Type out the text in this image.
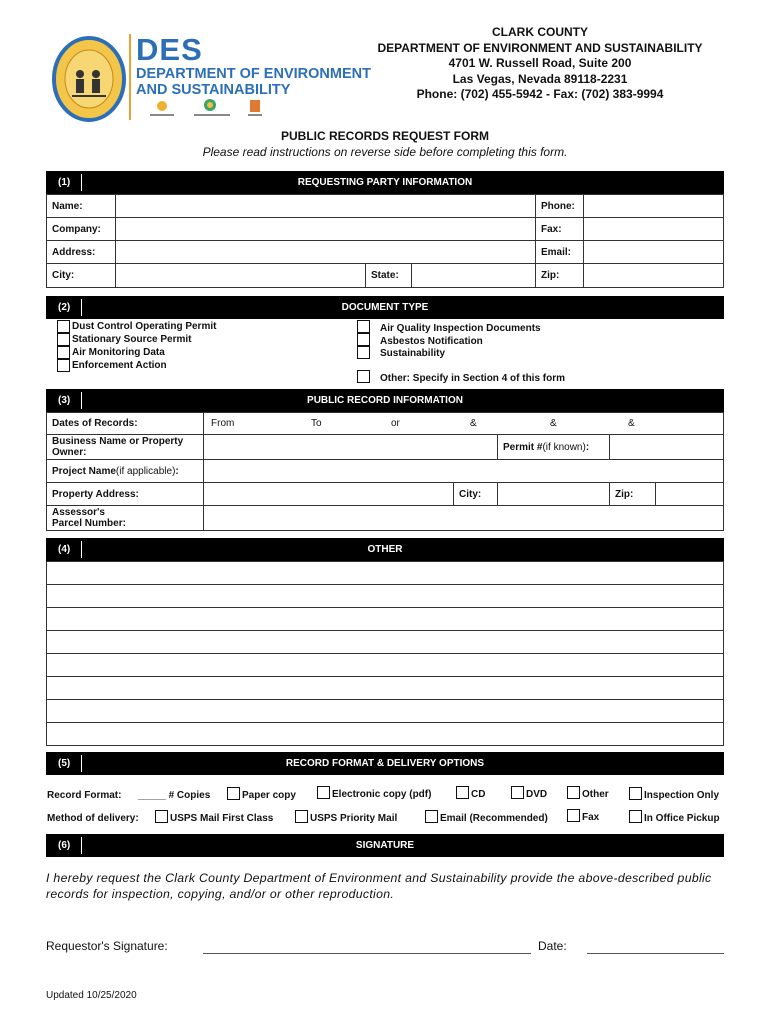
DES
DEPARTMENT OF ENVIRONMENT
AND SUSTAINABILITY
CLARK COUNTY
DEPARTMENT OF ENVIRONMENT AND SUSTAINABILITY
4701 W. Russell Road, Suite 200
Las Vegas, Nevada 89118-2231
Phone: (702) 455-5942 - Fax: (702) 383-9994
PUBLIC RECORDS REQUEST FORM
Please read instructions on reverse side before completing this form.
(1)	REQUESTING PARTY INFORMATION
Name:	Phone:
Company:	Fax:
Address:	Email:
City:	State:	Zip:
(2)	DOCUMENT TYPE
Dust Control Operating Permit
Stationary Source Permit
Air Monitoring Data
Enforcement Action
Air Quality Inspection Documents
Asbestos Notification
Sustainability
Other: Specify in Section 4 of this form
(3)	PUBLIC RECORD INFORMATION
Dates of Records:	From	To	or	&	&	&
Business Name or Property
Owner:	Permit # (if known) :
Project Name (if applicable) :
Property Address:	City:	Zip:
Assessor's
Parcel Number:
(4)	OTHER
(5)	RECORD FORMAT & DELIVERY OPTIONS
Record Format: _____ # Copies	Paper copy	Electronic copy (pdf)	CD	DVD	Other	Inspection Only
Method of delivery:	USPS Mail First Class	USPS Priority Mail	Email (Recommended)	Fax	In Office Pickup
(6)	SIGNATURE
I hereby request the Clark County Department of Environment and Sustainability provide the above-described public records for inspection, copying, and/or or other reproduction.
Requestor's Signature:	Date:
Updated 10/25/2020
